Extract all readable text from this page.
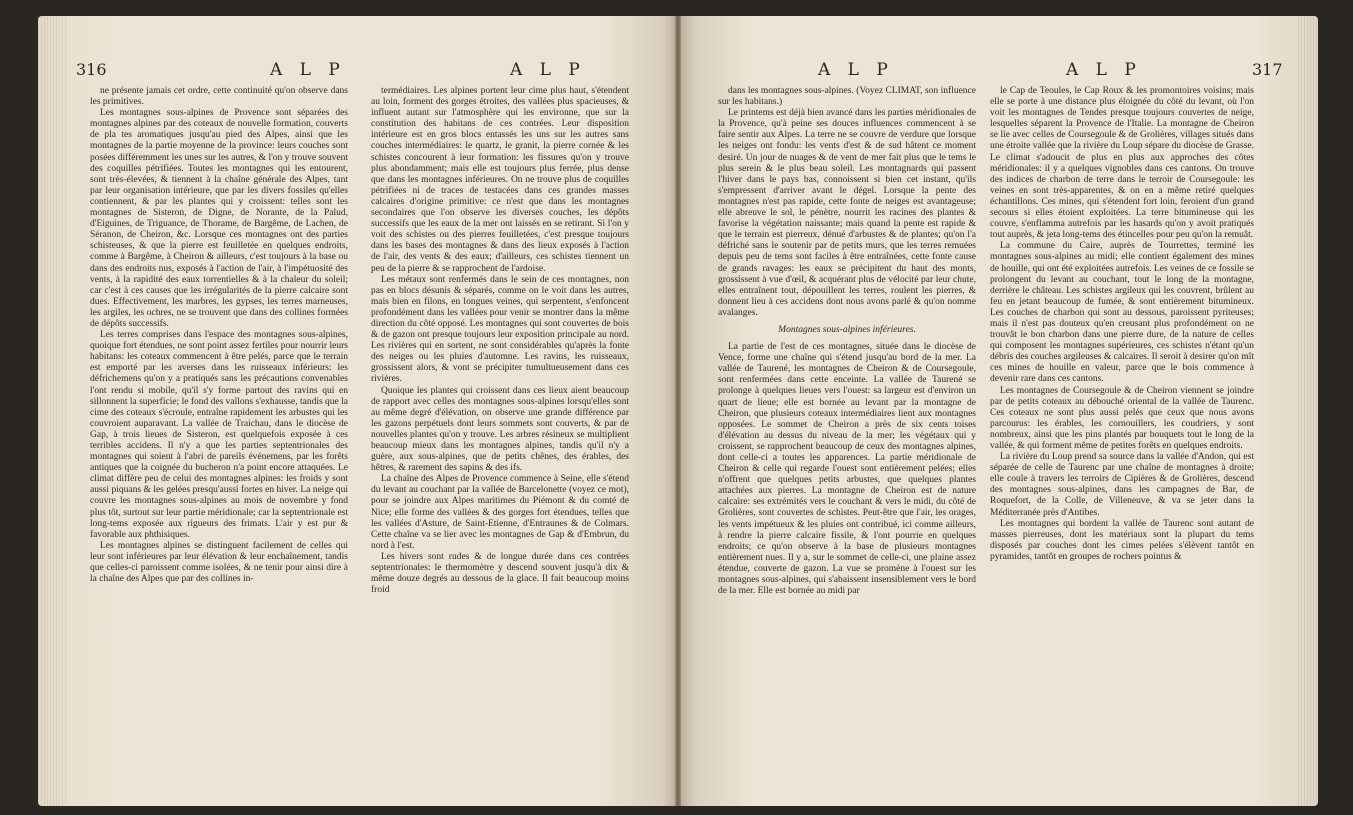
316	A L P	A L P

ne présente jamais cet ordre, cette continuité qu'on observe dans les primitives.

Les montagnes sous-alpines de Provence sont séparées des montagnes alpines par des coteaux de nouvelle formation, couverts de pla tes aromatiques jusqu'au pied des Alpes, ainsi que les montagnes de la partie moyenne de la province: leurs couches sont posées différemment les unes sur les autres, & l'on y trouve souvent des coquilles pétrifiées. Toutes les montagnes qui les entourent, sont très-élevées, & tiennent à la chaîne générale des Alpes, tant par leur organisation intérieure, que par les divers fossiles qu'elles contiennent, & par les plantes qui y croissent: telles sont les montagnes de Sisteron, de Digne, de Norante, de la Palud, d'Eiguines, de Triguance, de Thorame, de Bargême, de Lachen, de Séranon, de Cheiron, &c. Lorsque ces montagnes ont des parties schisteuses, & que la pierre est feuilletée en quelques endroits, comme à Bargême, à Cheiron & ailleurs, c'est toujours à la base ou dans des endroits nus, exposés à l'action de l'air, à l'impétuosité des vents, à la rapidité des eaux torrentielles & à la chaleur du soleil; car c'est à ces causes que les irrégularités de la pierre calcaire sont dues. Effectivement, les marbres, les gypses, les terres marneuses, les argiles, les ochres, ne se trouvent que dans des collines formées de dépôts successifs.

Les terres comprises dans l'espace des montagnes sous-alpines, quoique fort étendues, ne sont point assez fertiles pour nourrir leurs habitans: les coteaux commencent à être pelés, parce que le terrain est emporté par les averses dans les ruisseaux inférieurs: les défrichemens qu'on y a pratiqués sans les précautions convenables l'ont rendu si mobile, qu'il s'y forme partout des ravins qui en sillonnent la superficie; le fond des vallons s'exhausse, tandis que la cime des coteaux s'écroule, entraîne rapidement les arbustes qui les couvroient auparavant. La vallée de Traichau, dans le diocèse de Gap, à trois lieues de Sisteron, est quelquefois exposée à ces terribles accidens. Il n'y a que les parties septentrionales des montagnes qui soient à l'abri de pareils événemens, par les forêts antiques que la coignée du bucheron n'a point encore attaquées. Le climat diffère peu de celui des montagnes alpines: les froids y sont aussi piquans & les gelées presqu'aussi fortes en hiver. La neige qui couvre les montagnes sous-alpines au mois de novembre y fond plus tôt, surtout sur leur partie méridionale; car la septentrionale est long-tems exposée aux rigueurs des frimats. L'air y est pur & favorable aux phthisiques.

Les montagnes alpines se distinguent facilement de celles qui leur sont inférieures par leur élévation & leur enchaînement, tandis que celles-ci paroissent comme isolées, & ne tenir pour ainsi dire à la chaîne des Alpes que par des collines in-

termédiaires. Les alpines portent leur cime plus haut, s'étendent au loin, forment des gorges étroites, des vallées plus spacieuses, & influent autant sur l'atmosphère qui les environne, que sur la constitution des habitans de ces contrées. Leur disposition intérieure est en gros blocs entassés les uns sur les autres sans couches intermédiaires: le quartz, le granit, la pierre cornée & les schistes concourent à leur formation: les fissures qu'on y trouve plus abondamment; mais elle est toujours plus ferrée, plus dense que dans les montagnes inférieures. On ne trouve plus de coquilles pétrifiées ni de traces de testacées dans ces grandes masses calcaires d'origine primitive: ce n'est que dans les montagnes secondaires que l'on observe les diverses couches, les dépôts successifs que les eaux de la mer ont laissés en se retirant. Si l'on y voit des schistes ou des pierres feuilletées, c'est presque toujours dans les bases des montagnes & dans des lieux exposés à l'action de l'air, des vents & des eaux; d'ailleurs, ces schistes tiennent un peu de la pierre & se rapprochent de l'ardoise.

Les métaux sont renfermés dans le sein de ces montagnes, non pas en blocs désunis & séparés, comme on le voit dans les autres, mais bien en filons, en longues veines, qui serpentent, s'enfoncent profondément dans les vallées pour venir se montrer dans la même direction du côté opposé. Les montagnes qui sont couvertes de bois & de gazon ont presque toujours leur exposition principale au nord. Les rivières qui en sortent, ne sont considérables qu'après la fonte des neiges ou les pluies d'automne. Les ravins, les ruisseaux, grossissent alors, & vont se précipiter tumultueusement dans ces rivières.

Quoique les plantes qui croissent dans ces lieux aient beaucoup de rapport avec celles des montagnes sous-alpines lorsqu'elles sont au même degré d'élévation, on observe une grande différence par les gazons perpétuels dont leurs sommets sont couverts, & par de nouvelles plantes qu'on y trouve. Les arbres résineux se multiplient beaucoup mieux dans les montagnes alpines, tandis qu'il n'y a guère, aux sous-alpines, que de petits chênes, des érables, des hêtres, & rarement des sapins & des ifs.

La chaîne des Alpes de Provence commence à Seine, elle s'étend du levant au couchant par la vallée de Barcelonette (voyez ce mot), pour se joindre aux Alpes maritimes du Piémont & du comté de Nice; elle forme des vallées & des gorges fort étendues, telles que les vallées d'Asture, de Saint-Etienne, d'Entraunes & de Colmars. Cette chaîne va se lier avec les montagnes de Gap & d'Embrun, du nord à l'est.

Les hivers sont rudes & de longue durée dans ces contrées septentrionales: le thermomètre y descend souvent jusqu'à dix & même douze degrés au dessous de la glace. Il fait beaucoup moins froid

A L P	A L P	317

dans les montagnes sous-alpines. (Voyez CLIMAT, son influence sur les habitans.)

Le printems est déjà bien avancé dans les parties méridionales de la Provence, qu'à peine ses douces influences commencent à se faire sentir aux Alpes. La terre ne se couvre de verdure que lorsque les neiges ont fondu: les vents d'est & de sud hâtent ce moment desiré. Un jour de nuages & de vent de mer fait plus que le tems le plus serein & le plus beau soleil. Les montagnards qui passent l'hiver dans le pays bas, connoissent si bien cet instant, qu'ils s'empressent d'arriver avant le dégel. Lorsque la pente des montagnes n'est pas rapide, cette fonte de neiges est avantageuse; elle abreuve le sol, le pénètre, nourrit les racines des plantes & favorise la végétation naissante; mais quand la pente est rapide & que le terrain est pierreux, dénué d'arbustes & de plantes; qu'on l'a défriché sans le soutenir par de petits murs, que les terres remuées depuis peu de tems sont faciles à être entraînées, cette fonte cause de grands ravages: les eaux se précipitent du haut des monts, grossissent à vue d'œil, & acquérant plus de vélocité par leur chute, elles entraînent tout, dépouillent les terres, roulent les pierres, & donnent lieu à ces accidens dont nous avons parlé & qu'on nomme avalanges.

Montagnes sous-alpines inférieures.

La partie de l'est de ces montagnes, située dans le diocèse de Vence, forme une chaîne qui s'étend jusqu'au bord de la mer. La vallée de Taurené, les montagnes de Cheiron & de Coursegoule, sont renfermées dans cette enceinte. La vallée de Taurené se prolonge à quelques lieues vers l'ouest: sa largeur est d'environ un quart de lieue; elle est bornée au levant par la montagne de Cheiron, que plusieurs coteaux intermédiaires lient aux montagnes opposées. Le sommet de Cheiron a près de six cents toises d'élévation au dessus du niveau de la mer; les végétaux qui y croissent, se rapprochent beaucoup de ceux des montagnes alpines, dont celle-ci a toutes les apparences. La partie méridionale de Cheiron & celle qui regarde l'ouest sont entièrement pelées; elles n'offrent que quelques petits arbustes, que quelques plantes attachées aux pierres. La montagne de Cheiron est de nature calcaire: ses extrémités vers le couchant & vers le midi, du côté de Grolières, sont couvertes de schistes. Peut-être que l'air, les orages, les vents impétueux & les pluies ont contribué, ici comme ailleurs, à rendre la pierre calcaire fissile, & l'ont pourrie en quelques endroits; ce qu'on observe à la base de plusieurs montagnes entièrement nues. Il y a, sur le sommet de celle-ci, une plaine assez étendue, couverte de gazon. La vue se promène à l'ouest sur les montagnes sous-alpines, qui s'abaissent insensiblement vers le bord de la mer. Elle est bornée au midi par

le Cap de Teoules, le Cap Roux & les promontoires voisins; mais elle se porte à une distance plus éloignée du côté du levant, où l'on voit les montagnes de Tendes presque toujours couvertes de neige, lesquelles séparent la Provence de l'Italie. La montagne de Cheiron se lie avec celles de Coursegoule & de Grolières, villages situés dans une étroite vallée que la rivière du Loup sépare du diocèse de Grasse. Le climat s'adoucit de plus en plus aux approches des côtes méridionales: il y a quelques vignobles dans ces cantons. On trouve des indices de charbon de terre dans le terroir de Coursegoule: les veines en sont très-apparentes, & on en a même retiré quelques échantillons. Ces mines, qui s'étendent fort loin, feroient d'un grand secours si elles étoient exploitées. La terre bitumineuse qui les couvre, s'enflamma autrefois par les hasards qu'on y avoit pratiqués tout auprès, & jeta long-tems des étincelles pour peu qu'on la remuât.

La commune du Caire, auprès de Tourrettes, terminé les montagnes sous-alpines au midi; elle contient également des mines de houille, qui ont été exploitées autrefois. Les veines de ce fossile se prolongent du levant au couchant, tout le long de la montagne, derrière le château. Les schistes argileux qui les couvrent, brûlent au feu en jetant beaucoup de fumée, & sont entièrement bitumineux. Les couches de charbon qui sont au dessous, paroissent pyriteuses; mais il n'est pas douteux qu'en creusant plus profondément on ne trouvât le bon charbon dans une pierre dure, de la nature de celles qui composent les montagnes supérieures, ces schistes n'étant qu'un débris des couches argileuses & calcaires. Il seroit à desirer qu'on mît ces mines de houille en valeur, parce que le bois commence à devenir rare dans ces cantons.

Les montagnes de Coursegoule & de Cheiron viennent se joindre par de petits coteaux au débouché oriental de la vallée de Taurenc. Ces coteaux ne sont plus aussi pelés que ceux que nous avons parcourus: les érables, les cornouillers, les coudriers, y sont nombreux, ainsi que les pins plantés par bouquets tout le long de la vallée, & qui forment même de petites forêts en quelques endroits.

La rivière du Loup prend sa source dans la vallée d'Andon, qui est séparée de celle de Taurenc par une chaîne de montagnes à droite; elle coule à travers les terroirs de Cipières & de Grolières, descend des montagnes sous-alpines, dans les campagnes de Bar, de Roquefort, de la Colle, de Villeneuve, & va se jeter dans la Méditerranée près d'Antibes.

Les montagnes qui bordent la vallée de Taurenc sont autant de masses pierreuses, dont les matériaux sont la plupart du tems disposés par couches dont les cimes pelées s'élèvent tantôt en pyramides, tantôt en groupes de rochers pointus &
